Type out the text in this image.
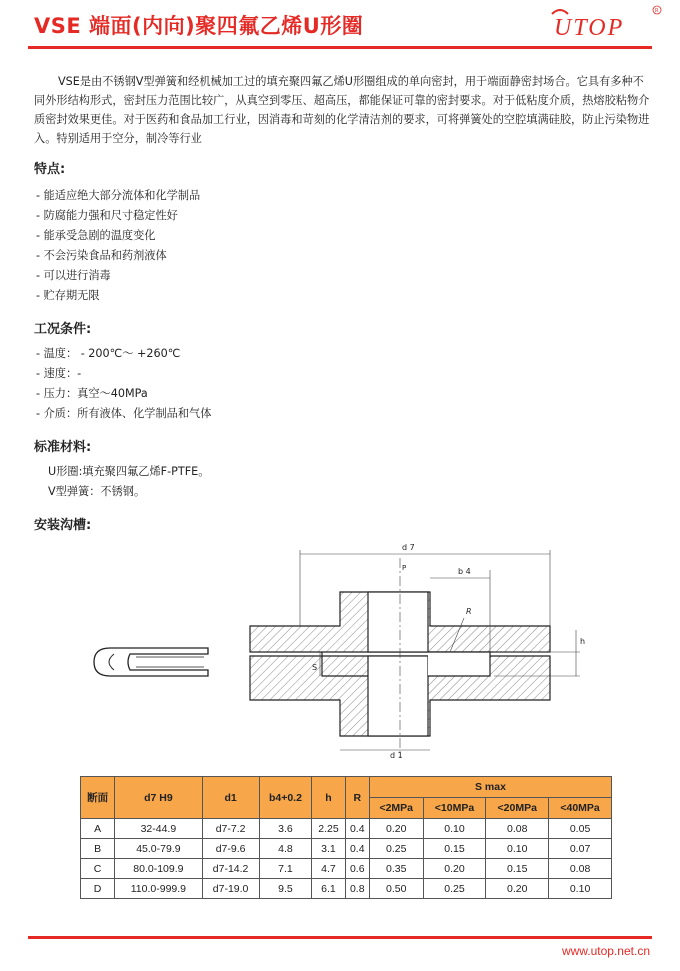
VSE 端面(内向)聚四氟乙烯U形圈	UTOP
R
VSE是由不锈钢V型弹簧和经机械加工过的填充聚四氟乙烯U形圈组成的单向密封，用于端面静密封场合。它具有多种不同外形结构形式，密封压力范围比较广，从真空到零压、超高压，都能保证可靠的密封要求。对于低粘度介质，热熔胶粘物介质密封效果更佳。对于医药和食品加工行业，因消毒和苛刻的化学清洁剂的要求，可将弹簧处的空腔填满硅胶，防止污染物进入。特别适用于空分，制冷等行业
特点:
- 能适应绝大部分流体和化学制品
- 防腐能力强和尺寸稳定性好
- 能承受急剧的温度变化
- 不会污染食品和药剂液体
- 可以进行消毒
- 贮存期无限
工况条件:
- 温度： - 200℃～ +260℃
- 速度：-
- 压力：真空～40MPa
- 介质：所有液体、化学制品和气体
标准材料:
U形圈:填充聚四氟乙烯F-PTFE。
V型弹簧：不锈钢。
安装沟槽:
d 7
P	b 4
R
h
S
d 1
断面	d7 H9	d1	b4+0.2	h	R	S max			
						<2MPa	<10MPa	<20MPa	<40MPa
A	32-44.9	d7-7.2	3.6	2.25	0.4	0.20	0.10	0.08	0.05
B	45.0-79.9	d7-9.6	4.8	3.1	0.4	0.25	0.15	0.10	0.07
C	80.0-109.9	d7-14.2	7.1	4.7	0.6	0.35	0.20	0.15	0.08
D	110.0-999.9	d7-19.0	9.5	6.1	0.8	0.50	0.25	0.20	0.10
www.utop.net.cn
